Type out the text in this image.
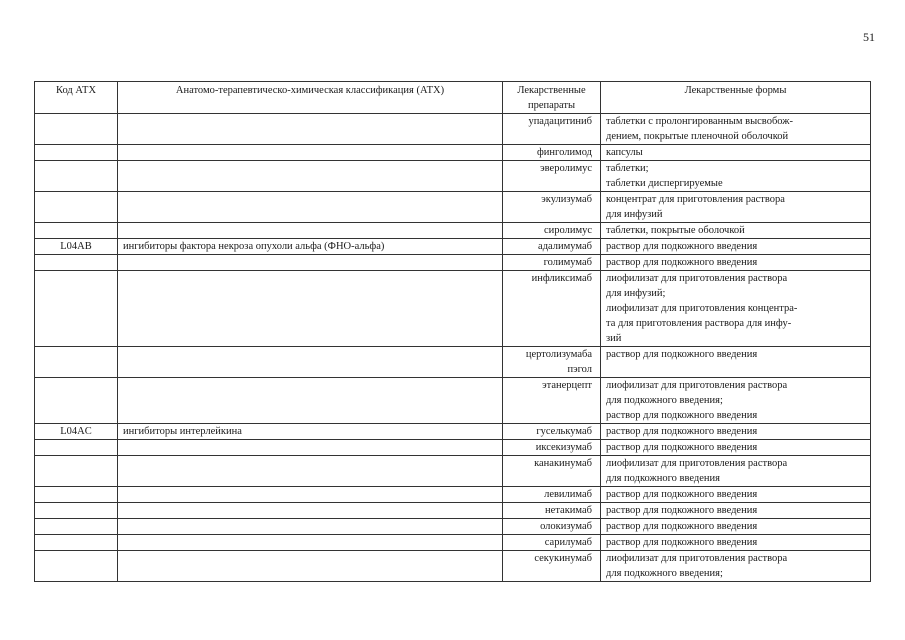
51
Код АТХ	Анатомо-терапевтическо-химическая классификация (АТХ)	Лекарственные
препараты	Лекарственные формы

		упадацитиниб	таблетки с пролонгированным высвобож-
дением, покрытые пленочной оболочкой

		финголимод	капсулы

		эверолимус	таблетки;
таблетки диспергируемые

		экулизумаб	концентрат для приготовления раствора
для инфузий

		сиролимус	таблетки, покрытые оболочкой

L04AB	ингибиторы фактора некроза опухоли альфа (ФНО-альфа)	адалимумаб	раствор для подкожного введения

		голимумаб	раствор для подкожного введения

		инфликсимаб	лиофилизат для приготовления раствора
для инфузий;
лиофилизат для приготовления концентра-
та для приготовления раствора для инфу-
зий

		цертолизумаба
пэгол	раствор для подкожного введения

		этанерцепт	лиофилизат для приготовления раствора
для подкожного введения;
раствор для подкожного введения

L04AC	ингибиторы интерлейкина	гуселькумаб	раствор для подкожного введения

		иксекизумаб	раствор для подкожного введения

		канакинумаб	лиофилизат для приготовления раствора
для подкожного введения

		левилимаб	раствор для подкожного введения

		нетакимаб	раствор для подкожного введения

		олокизумаб	раствор для подкожного введения

		сарилумаб	раствор для подкожного введения

		секукинумаб	лиофилизат для приготовления раствора
для подкожного введения;
